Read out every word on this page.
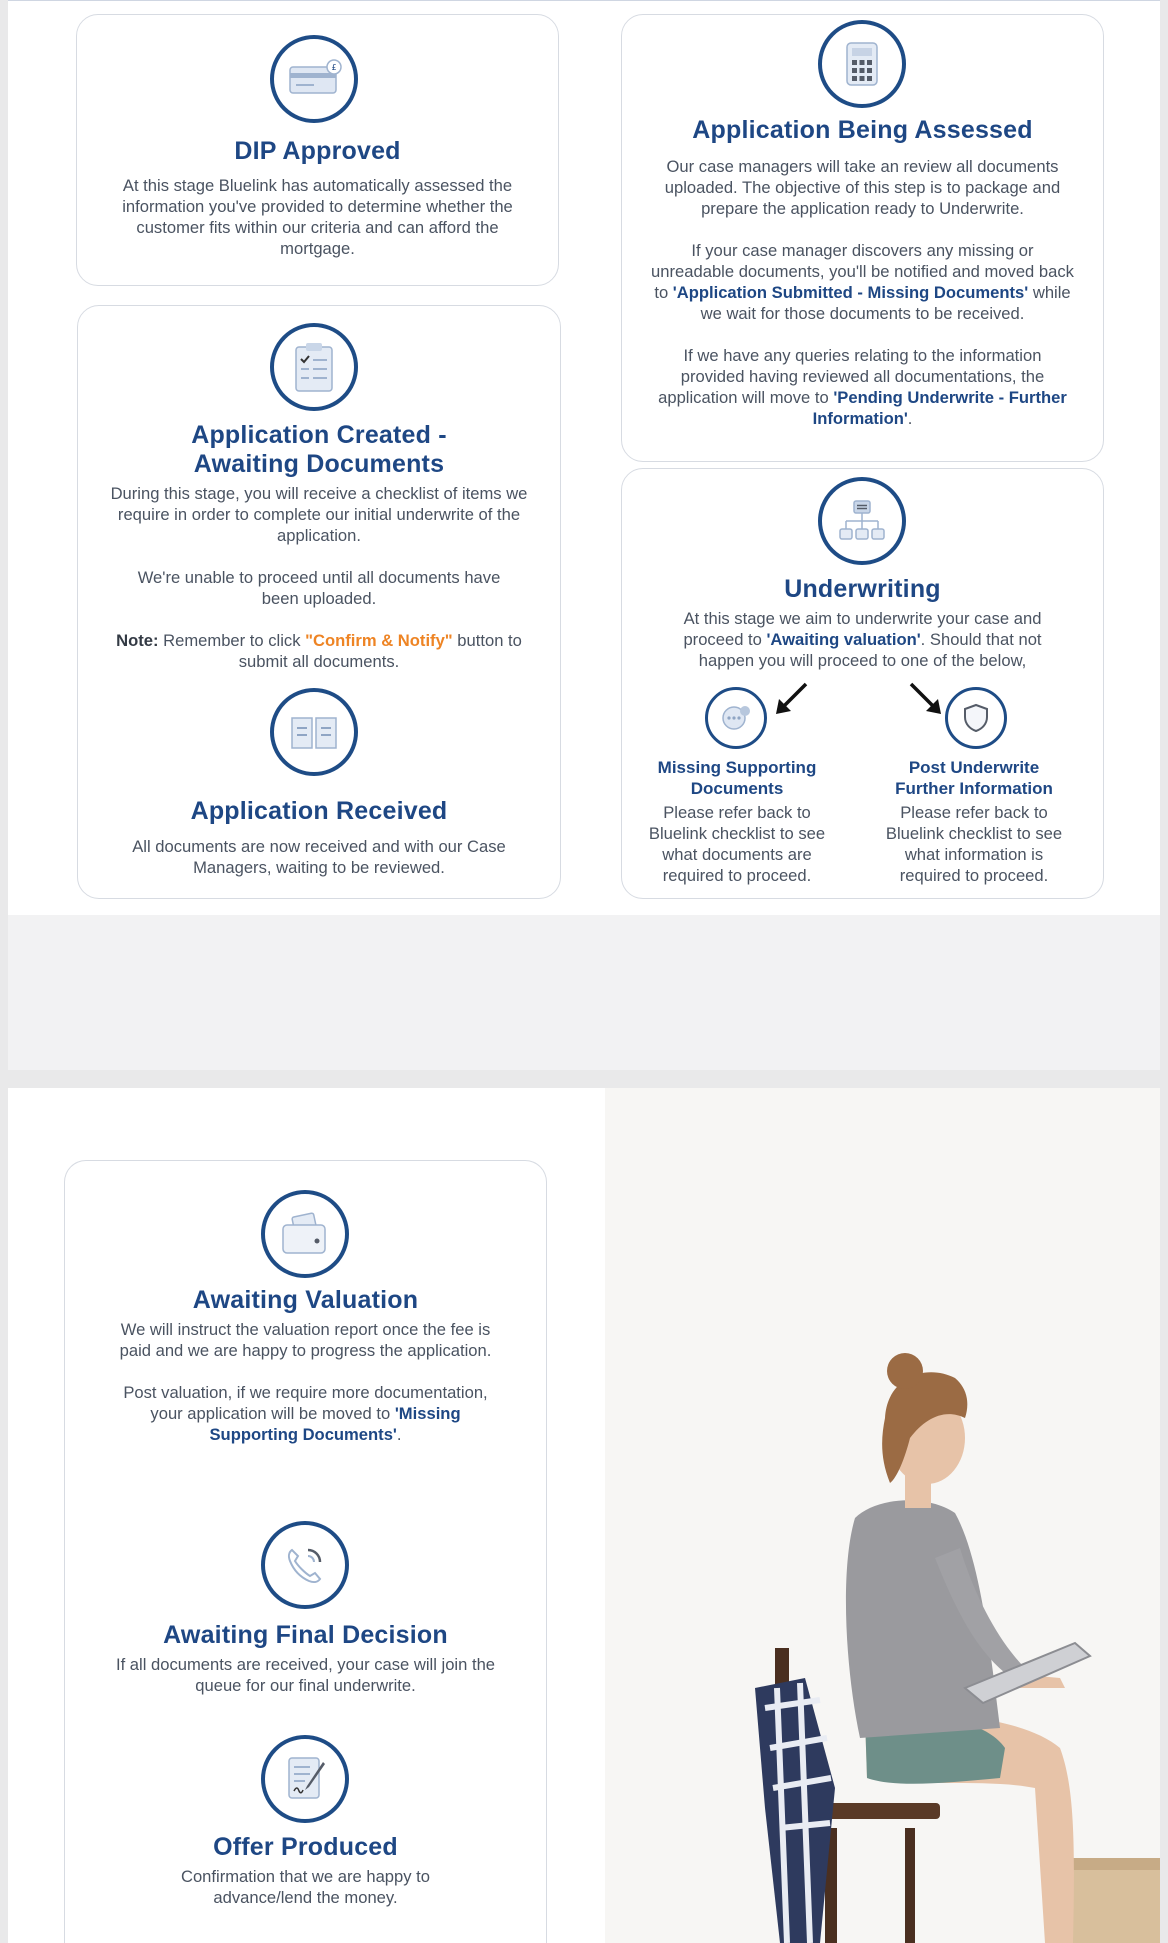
£
DIP Approved
At this stage Bluelink has automatically assessed the information you've provided to determine whether the customer fits within our criteria and can afford the mortgage.
Application Created -
Awaiting Documents

During this stage, you will receive a checklist of items we require in order to complete our initial underwrite of the application.

We're unable to proceed until all documents have been uploaded.

Note: Remember to click "Confirm & Notify" button to submit all documents.

Application Received
All documents are now received and with our Case Managers, waiting to be reviewed.
Application Being Assessed

Our case managers will take an review all documents uploaded. The objective of this step is to package and prepare the application ready to Underwrite.

If your case manager discovers any missing or unreadable documents, you'll be notified and moved back to 'Application Submitted - Missing Documents' while we wait for those documents to be received.

If we have any queries relating to the information provided having reviewed all documentations, the application will move to 'Pending Underwrite - Further Information'.

Underwriting

At this stage we aim to underwrite your case and proceed to 'Awaiting valuation'. Should that not happen you will proceed to one of the below,

Missing Supporting Documents
Please refer back to Bluelink checklist to see what documents are required to proceed.
Post Underwrite Further Information
Please refer back to Bluelink checklist to see what information is required to proceed.
Awaiting Valuation

We will instruct the valuation report once the fee is paid and we are happy to progress the application.

Post valuation, if we require more documentation, your application will be moved to 'Missing Supporting Documents'.

Awaiting Final Decision
If all documents are received, your case will join the queue for our final underwrite.
Offer Produced
Confirmation that we are happy to advance/lend the money.
